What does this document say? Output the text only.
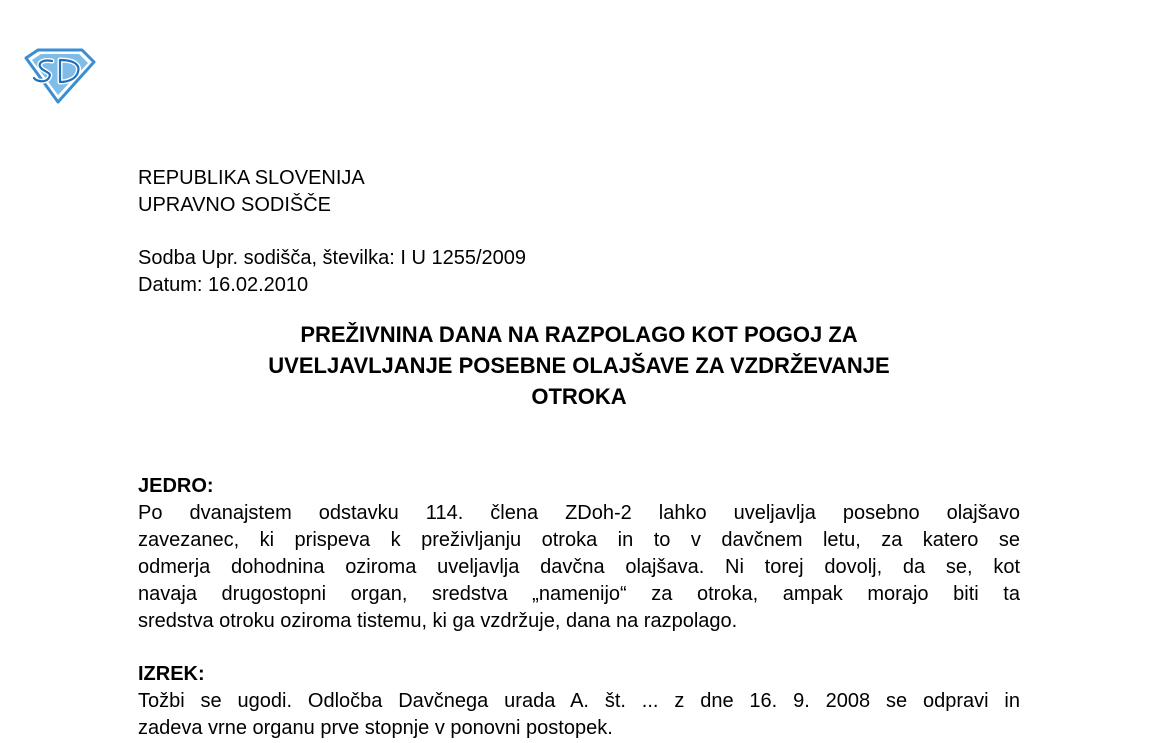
REPUBLIKA SLOVENIJA

UPRAVNO SODIŠČE

Sodba Upr. sodišča, številka: I U 1255/2009

Datum: 16.02.2010

PREŽIVNINA DANA NA RAZPOLAGO KOT POGOJ ZA
UVELJAVLJANJE POSEBNE OLAJŠAVE ZA VZDRŽEVANJE
OTROKA

JEDRO:

Po dvanajstem odstavku 114. člena ZDoh-2 lahko uveljavlja posebno olajšavo
zavezanec, ki prispeva k preživljanju otroka in to v davčnem letu, za katero se
odmerja dohodnina oziroma uveljavlja davčna olajšava. Ni torej dovolj, da se, kot
navaja drugostopni organ, sredstva „namenijo“ za otroka, ampak morajo biti ta
sredstva otroku oziroma tistemu, ki ga vzdržuje, dana na razpolago.

IZREK:

Tožbi se ugodi. Odločba Davčnega urada A. št. ... z dne 16. 9. 2008 se odpravi in
zadeva vrne organu prve stopnje v ponovni postopek.
